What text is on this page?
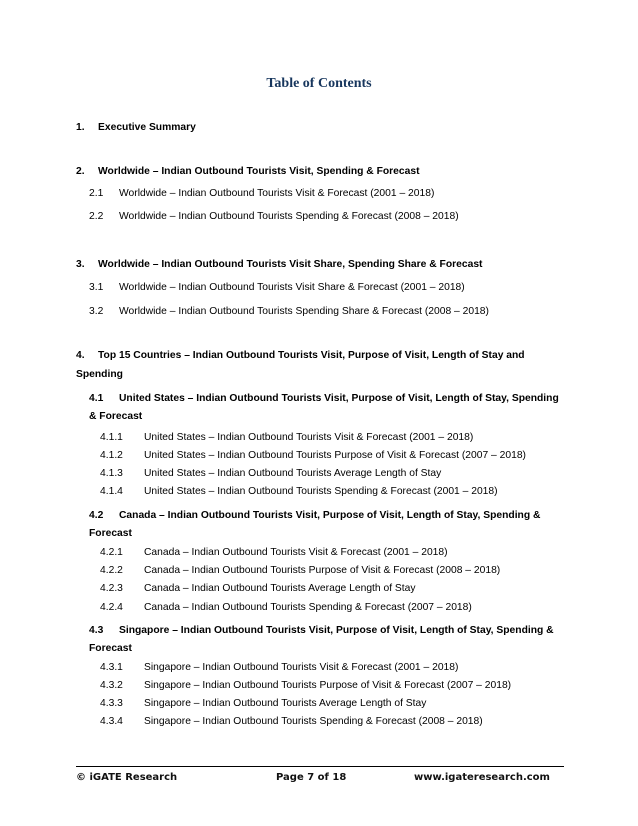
Table of Contents
1. Executive Summary
2. Worldwide – Indian Outbound Tourists Visit, Spending & Forecast
2.1 Worldwide – Indian Outbound Tourists Visit & Forecast (2001 – 2018)
2.2 Worldwide – Indian Outbound Tourists Spending & Forecast (2008 – 2018)
3. Worldwide – Indian Outbound Tourists Visit Share, Spending Share & Forecast
3.1 Worldwide – Indian Outbound Tourists Visit Share & Forecast (2001 – 2018)
3.2 Worldwide – Indian Outbound Tourists Spending Share & Forecast (2008 – 2018)
4. Top 15 Countries – Indian Outbound Tourists Visit, Purpose of Visit, Length of Stay and
Spending
4.1 United States – Indian Outbound Tourists Visit, Purpose of Visit, Length of Stay, Spending
& Forecast
4.1.1 United States – Indian Outbound Tourists Visit & Forecast (2001 – 2018)
4.1.2 United States – Indian Outbound Tourists Purpose of Visit & Forecast (2007 – 2018)
4.1.3 United States – Indian Outbound Tourists Average Length of Stay
4.1.4 United States – Indian Outbound Tourists Spending & Forecast (2001 – 2018)
4.2 Canada – Indian Outbound Tourists Visit, Purpose of Visit, Length of Stay, Spending &
Forecast
4.2.1 Canada – Indian Outbound Tourists Visit & Forecast (2001 – 2018)
4.2.2 Canada – Indian Outbound Tourists Purpose of Visit & Forecast (2008 – 2018)
4.2.3 Canada – Indian Outbound Tourists Average Length of Stay
4.2.4 Canada – Indian Outbound Tourists Spending & Forecast (2007 – 2018)
4.3 Singapore – Indian Outbound Tourists Visit, Purpose of Visit, Length of Stay, Spending &
Forecast
4.3.1 Singapore – Indian Outbound Tourists Visit & Forecast (2001 – 2018)
4.3.2 Singapore – Indian Outbound Tourists Purpose of Visit & Forecast (2007 – 2018)
4.3.3 Singapore – Indian Outbound Tourists Average Length of Stay
4.3.4 Singapore – Indian Outbound Tourists Spending & Forecast (2008 – 2018)
© iGATE Research	Page 7 of 18	www.igateresearch.com
